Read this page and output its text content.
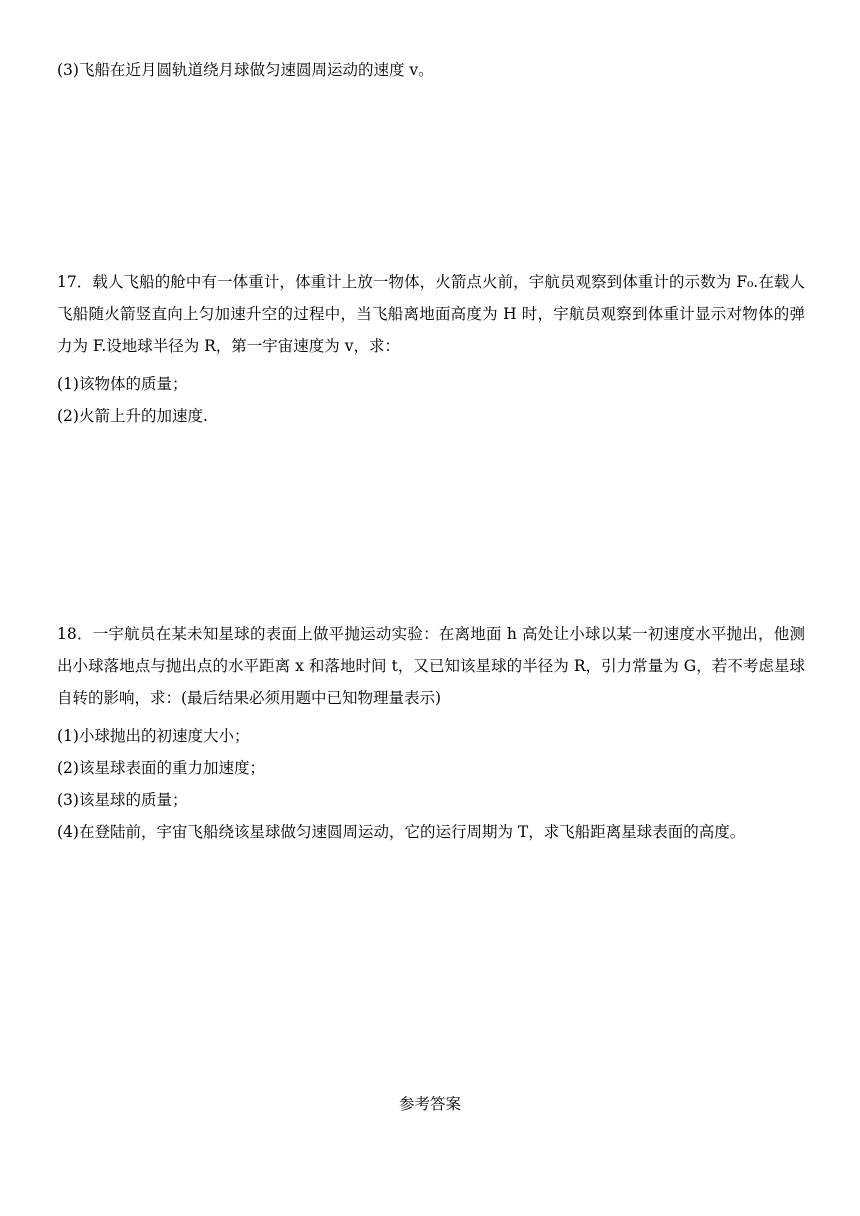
(3)飞船在近月圆轨道绕月球做匀速圆周运动的速度 v。
17．载人飞船的舱中有一体重计，体重计上放一物体，火箭点火前，宇航员观察到体重计的示数为 F₀.在载人飞船随火箭竖直向上匀加速升空的过程中，当飞船离地面高度为 H 时，宇航员观察到体重计显示对物体的弹力为 F.设地球半径为 R，第一宇宙速度为 v，求：
(1)该物体的质量；
(2)火箭上升的加速度.
18．一宇航员在某未知星球的表面上做平抛运动实验：在离地面 h 高处让小球以某一初速度水平抛出，他测出小球落地点与抛出点的水平距离 x 和落地时间 t，又已知该星球的半径为 R，引力常量为 G，若不考虑星球自转的影响，求：(最后结果必须用题中已知物理量表示)
(1)小球抛出的初速度大小；
(2)该星球表面的重力加速度；
(3)该星球的质量；
(4)在登陆前，宇宙飞船绕该星球做匀速圆周运动，它的运行周期为 T，求飞船距离星球表面的高度。
参考答案
